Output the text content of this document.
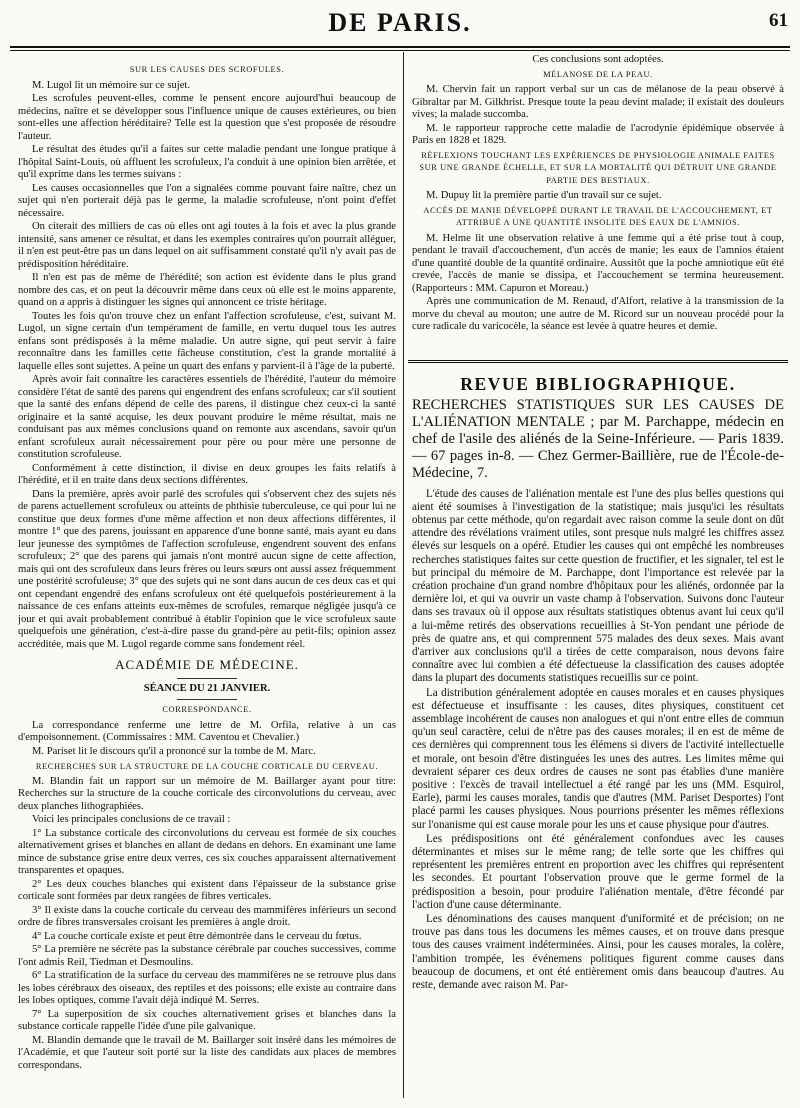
DE PARIS.	61
SUR LES CAUSES DES SCROFULES.

M. Lugol lit un mémoire sur ce sujet.

Les scrofules peuvent-elles, comme le pensent encore aujourd'hui beaucoup de médecins, naître et se développer sous l'influence unique de causes extérieures, ou bien sont-elles une affection héréditaire? Telle est la question que s'est proposée de résoudre l'auteur.

Le résultat des études qu'il a faites sur cette maladie pendant une longue pratique à l'hôpital Saint-Louis, où affluent les scrofuleux, l'a conduit à une opinion bien arrêtée, et qu'il exprime dans les termes suivans :

Les causes occasionnelles que l'on a signalées comme pouvant faire naître, chez un sujet qui n'en porterait déjà pas le germe, la maladie scrofuleuse, n'ont point d'effet nécessaire.

On citerait des milliers de cas où elles ont agi toutes à la fois et avec la plus grande intensité, sans amener ce résultat, et dans les exemples contraires qu'on pourrait alléguer, il n'en est peut-être pas un dans lequel on ait suffisamment constaté qu'il n'y avait pas de prédisposition héréditaire.

Il n'en est pas de même de l'hérédité; son action est évidente dans le plus grand nombre des cas, et on peut la découvrir même dans ceux où elle est le moins apparente, quand on a appris à distinguer les signes qui annoncent ce triste héritage.

Toutes les fois qu'on trouve chez un enfant l'affection scrofuleuse, c'est, suivant M. Lugol, un signe certain d'un tempérament de famille, en vertu duquel tous les autres enfans sont prédisposés à la même maladie. Un autre signe, qui peut servir à faire reconnaître dans les familles cette fâcheuse constitution, c'est la grande mortalité à laquelle elles sont sujettes. A peine un quart des enfans y parvient-il à l'âge de la puberté.

Après avoir fait connaître les caractères essentiels de l'hérédité, l'auteur du mémoire considère l'état de santé des parens qui engendrent des enfans scrofuleux; car s'il soutient que la santé des enfans dépend de celle des parens, il distingue chez ceux-ci la santé originaire et la santé acquise, les deux pouvant produire le même résultat, mais ne conduisant pas aux mêmes conclusions quand on remonte aux ascendans, savoir qu'un enfant scrofuleux aurait nécessairement pour père ou pour mère une personne de constitution scrofuleuse.

Conformément à cette distinction, il divise en deux groupes les faits relatifs à l'hérédité, et il en traite dans deux sections différentes.

Dans la première, après avoir parlé des scrofules qui s'observent chez des sujets nés de parens actuellement scrofuleux ou atteints de phthisie tuberculeuse, ce qui pour lui ne constitue que deux formes d'une même affection et non deux affections différentes, il montre 1° que des parens, jouissant en apparence d'une bonne santé, mais ayant eu dans leur jeunesse des symptômes de l'affection scrofuleuse, engendrent souvent des enfans scrofuleux; 2° que des parens qui jamais n'ont montré aucun signe de cette affection, mais qui ont des scrofuleux dans leurs frères ou leurs sœurs ont aussi assez fréquemment une postérité scrofuleuse; 3° que des sujets qui ne sont dans aucun de ces deux cas et qui ont cependant engendré des enfans scrofuleux ont été quelquefois postérieurement à la naissance de ces enfans atteints eux-mêmes de scrofules, remarque négligée jusqu'à ce jour et qui avait probablement contribué à établir l'opinion que le vice scrofuleux saute quelquefois une génération, c'est-à-dire passe du grand-père au petit-fils; opinion assez accréditée, mais que M. Lugol regarde comme sans fondement réel.

ACADÉMIE DE MÉDECINE.
SÉANCE DU 21 JANVIER.
CORRESPONDANCE.

La correspondance renferme une lettre de M. Orfila, relative à un cas d'empoisonnement. (Commissaires : MM. Caventou et Chevalier.)

M. Pariset lit le discours qu'il a prononcé sur la tombe de M. Marc.

RECHERCHES SUR LA STRUCTURE DE LA COUCHE CORTICALE DU CERVEAU.

M. Blandin fait un rapport sur un mémoire de M. Baillarger ayant pour titre: Recherches sur la structure de la couche corticale des circonvolutions du cerveau, avec deux planches lithographiées.

Voici les principales conclusions de ce travail :

1° La substance corticale des circonvolutions du cerveau est formée de six couches alternativement grises et blanches en allant de dedans en dehors. En examinant une lame mince de substance grise entre deux verres, ces six couches apparaissent alternativement transparentes et opaques.

2° Les deux couches blanches qui existent dans l'épaisseur de la substance grise corticale sont formées par deux rangées de fibres verticales.

3° Il existe dans la couche corticale du cerveau des mammifères inférieurs un second ordre de fibres transversales croisant les premières à angle droit.

4° La couche corticale existe et peut être démontrée dans le cerveau du fœtus.

5° La première ne sécrète pas la substance cérébrale par couches successives, comme l'ont admis Reil, Tiedman et Desmoulins.

6° La stratification de la surface du cerveau des mammifères ne se retrouve plus dans les lobes cérébraux des oiseaux, des reptiles et des poissons; elle existe au contraire dans les lobes optiques, comme l'avait déjà indiqué M. Serres.

7° La superposition de six couches alternativement grises et blanches dans la substance corticale rappelle l'idée d'une pile galvanique.

M. Blandin demande que le travail de M. Baillarger soit inséré dans les mémoires de l'Académie, et que l'auteur soit porté sur la liste des candidats aux places de membres correspondans.

Ces conclusions sont adoptées.

MÉLANOSE DE LA PEAU.

M. Chervin fait un rapport verbal sur un cas de mélanose de la peau observé à Gibraltar par M. Gilkhrist. Presque toute la peau devint malade; il existait des douleurs vives; la malade succomba.

M. le rapporteur rapproche cette maladie de l'acrodynie épidémique observée à Paris en 1828 et 1829.

RÉFLEXIONS TOUCHANT LES EXPÉRIENCES DE PHYSIOLOGIE ANIMALE FAITES SUR UNE GRANDE ÉCHELLE, ET SUR LA MORTALITÉ QUI DÉTRUIT UNE GRANDE PARTIE DES BESTIAUX.

M. Dupuy lit la première partie d'un travail sur ce sujet.

ACCÈS DE MANIE DÉVELOPPÉ DURANT LE TRAVAIL DE L'ACCOUCHEMENT, ET ATTRIBUÉ A UNE QUANTITÉ INSOLITE DES EAUX DE L'AMNIOS.

M. Helme lit une observation relative à une femme qui a été prise tout à coup, pendant le travail d'accouchement, d'un accès de manie; les eaux de l'amnios étaient d'une quantité double de la quantité ordinaire. Aussitôt que la poche amniotique eût été crevée, l'accès de manie se dissipa, et l'accouchement se termina heureusement. (Rapporteurs : MM. Capuron et Moreau.)

Après une communication de M. Renaud, d'Alfort, relative à la transmission de la morve du cheval au mouton; une autre de M. Ricord sur un nouveau procédé pour la cure radicale du varicocèle, la séance est levée à quatre heures et demie.

REVUE BIBLIOGRAPHIQUE.
RECHERCHES STATISTIQUES SUR LES CAUSES DE L'ALIÉNATION MENTALE ; par M. Parchappe, médecin en chef de l'asile des aliénés de la Seine-Inférieure. — Paris 1839. — 67 pages in-8. — Chez Germer-Baillière, rue de l'École-de-Médecine, 7.

L'étude des causes de l'aliénation mentale est l'une des plus belles questions qui aient été soumises à l'investigation de la statistique; mais jusqu'ici les résultats obtenus par cette méthode, qu'on regardait avec raison comme la seule dont on dût attendre des révélations vraiment utiles, sont presque nuls malgré les chiffres assez élevés sur lesquels on a opéré. Etudier les causes qui ont empêché les nombreuses recherches statistiques faites sur cette question de fructifier, et les signaler, tel est le but principal du mémoire de M. Parchappe, dont l'importance est relevée par la création prochaine d'un grand nombre d'hôpitaux pour les aliénés, ordonnée par la dernière loi, et qui va ouvrir un vaste champ à l'observation. Suivons donc l'auteur dans ses travaux où il oppose aux résultats statistiques obtenus avant lui ceux qu'il a lui-même retirés des observations recueillies à St-Yon pendant une période de près de quatre ans, et qui comprennent 575 malades des deux sexes. Mais avant d'arriver aux conclusions qu'il a tirées de cette comparaison, nous devons faire connaître avec lui combien a été défectueuse la classification des causes adoptée dans la plupart des documents statistiques recueillis sur ce point.

La distribution généralement adoptée en causes morales et en causes physiques est défectueuse et insuffisante : les causes, dites physiques, constituent cet assemblage incohérent de causes non analogues et qui n'ont entre elles de commun qu'un seul caractère, celui de n'être pas des causes morales; il en est de même de ces dernières qui comprennent tous les élémens si divers de l'activité intellectuelle et morale, ont besoin d'être distinguées les unes des autres. Les limites même qui devraient séparer ces deux ordres de causes ne sont pas établies d'une manière positive : l'excès de travail intellectuel a été rangé par les uns (MM. Esquirol, Earle), parmi les causes morales, tandis que d'autres (MM. Pariset Desportes) l'ont placé parmi les causes physiques. Nous pourrions présenter les mêmes réflexions sur l'onanisme qui est cause morale pour les uns et cause physique pour d'autres.

Les prédispositions ont été généralement confondues avec les causes déterminantes et mises sur le même rang; de telle sorte que les chiffres qui représentent les premières entrent en proportion avec les chiffres qui représentent les secondes. Et pourtant l'observation prouve que le germe formel de la prédisposition a besoin, pour produire l'aliénation mentale, d'être fécondé par l'action d'une cause déterminante.

Les dénominations des causes manquent d'uniformité et de précision; on ne trouve pas dans tous les documens les mêmes causes, et on trouve dans presque tous des causes vraiment indéterminées. Ainsi, pour les causes morales, la colère, l'ambition trompée, les événemens politiques figurent comme causes dans beaucoup de documens, et ont été entièrement omis dans beaucoup d'autres. Au reste, demande avec raison M. Par-
